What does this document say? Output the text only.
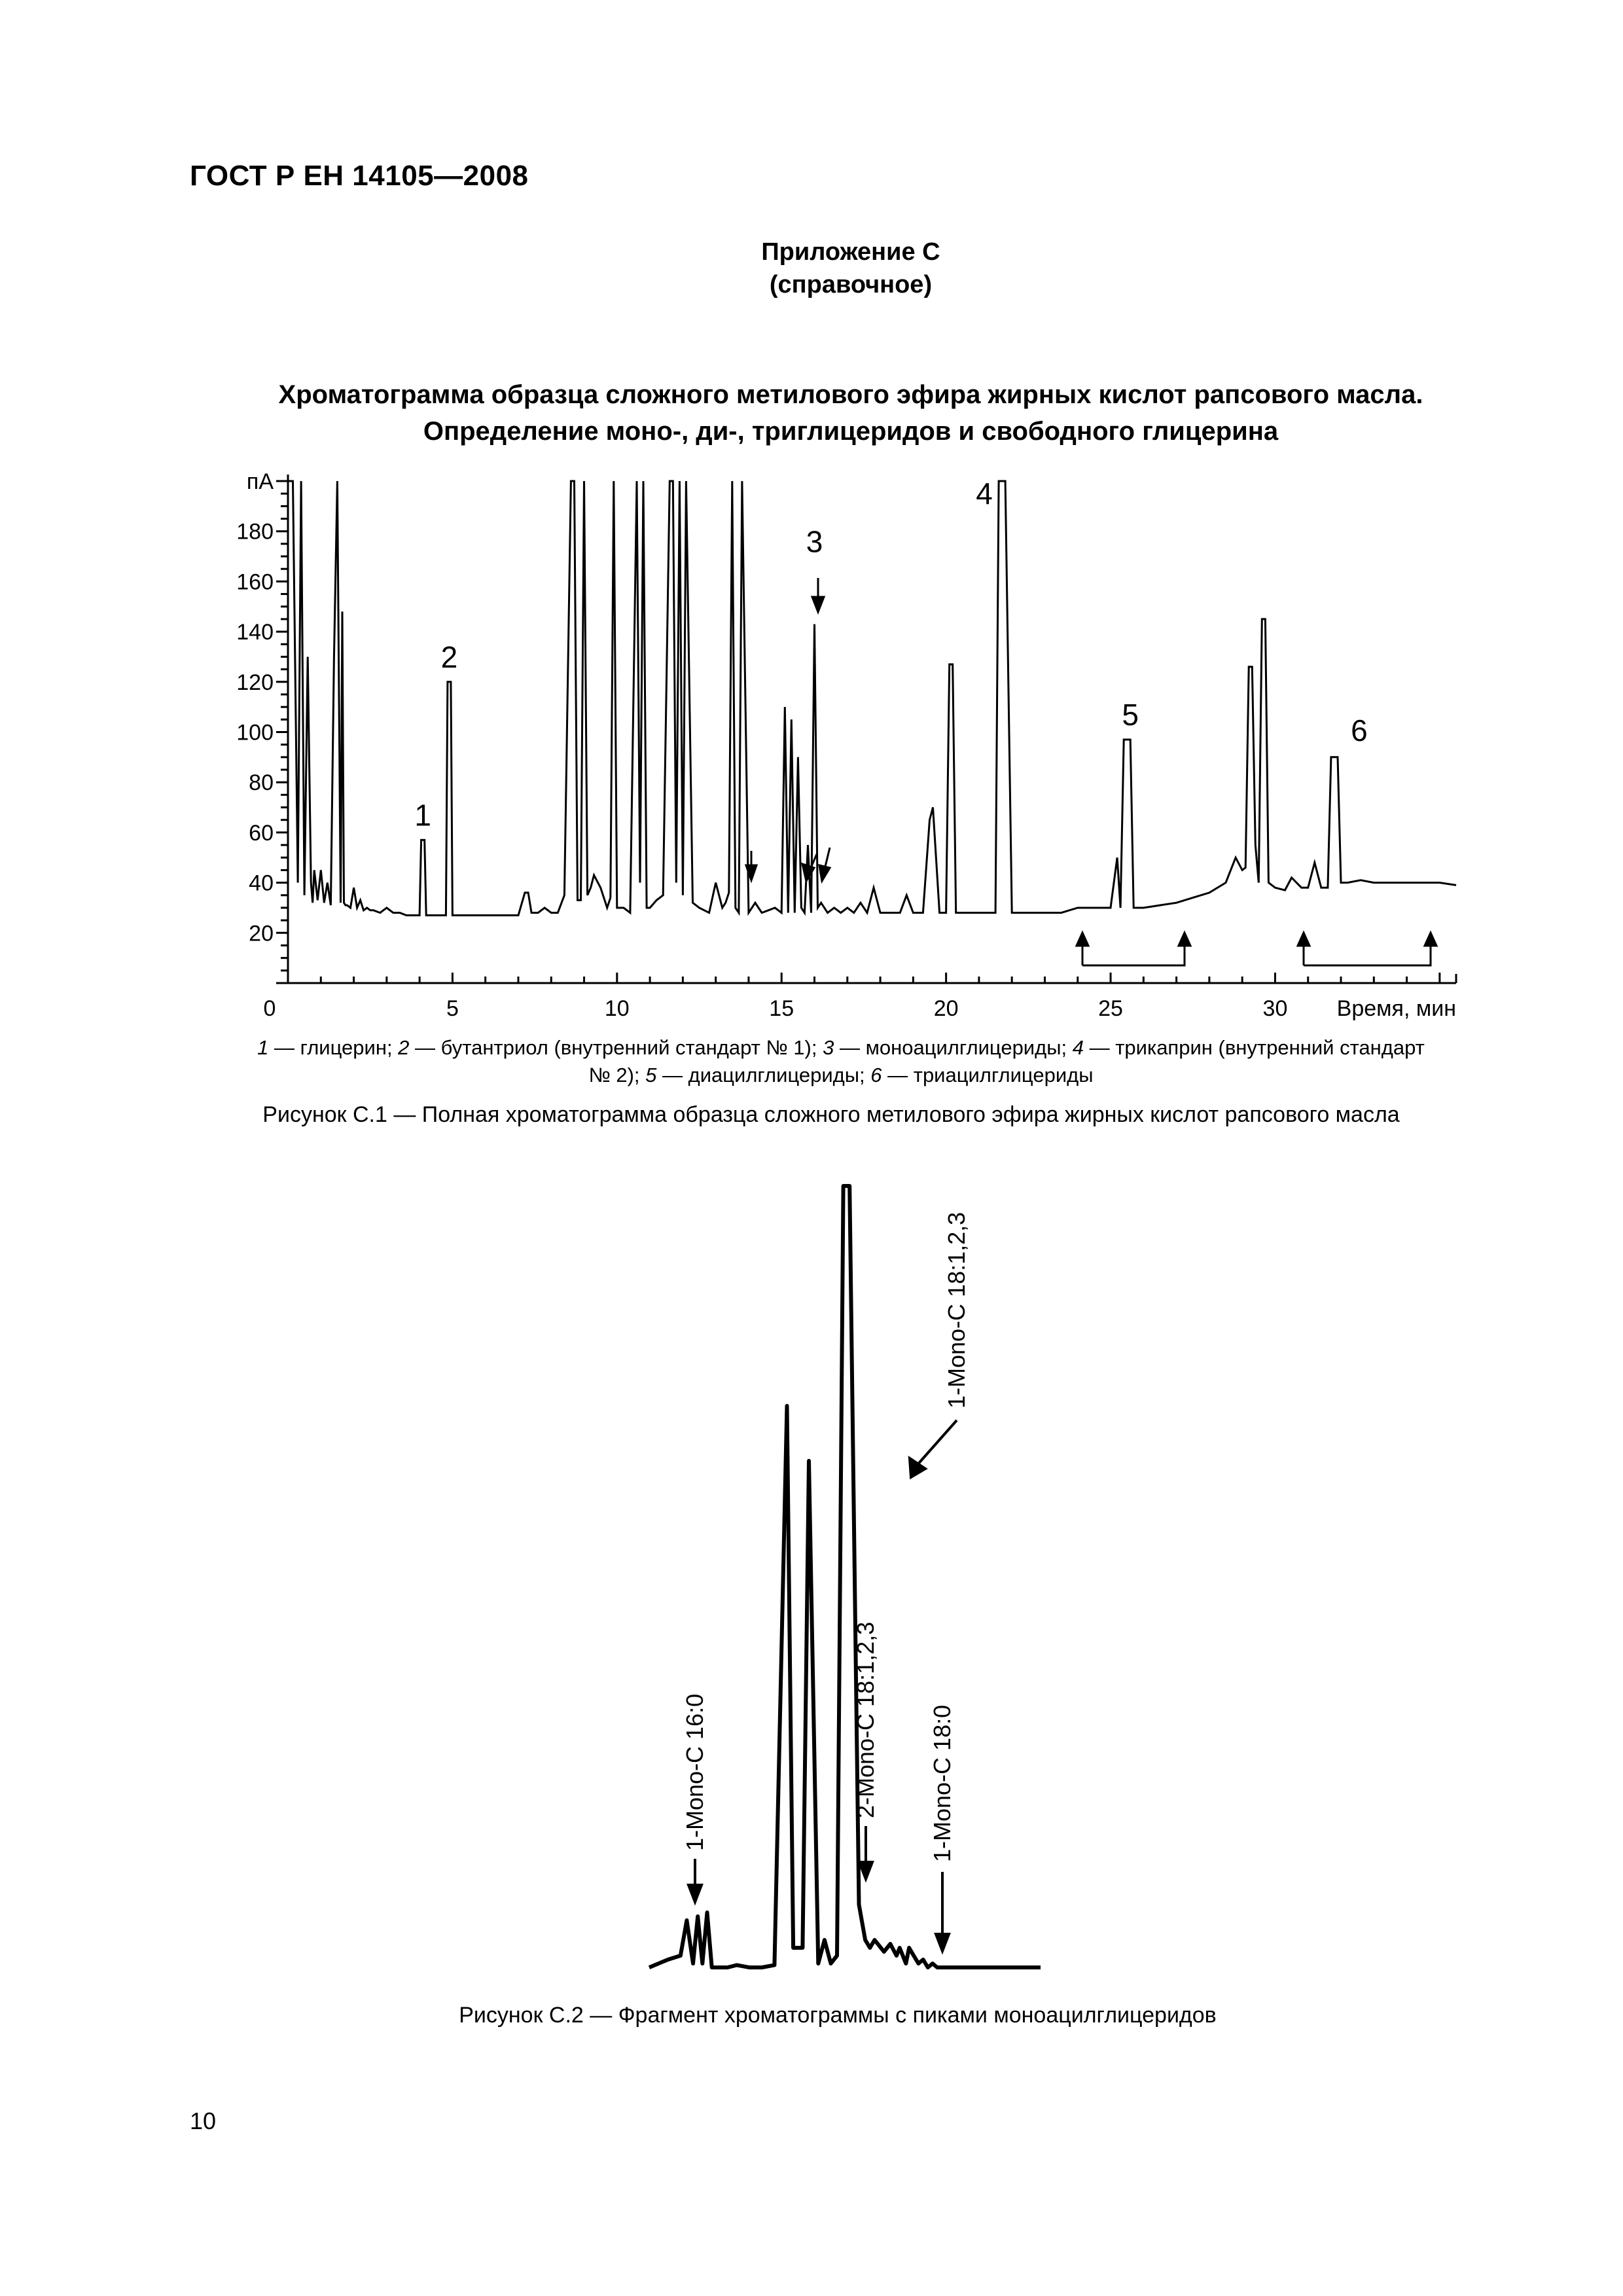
ГОСТ Р ЕН 14105—2008
Приложение С
(справочное)
Хроматограмма образца сложного метилового эфира жирных кислот рапсового масла.
Определение моно-, ди-, триглицеридов и свободного глицерина
0	5	10	15	20	25	30
20
40
60
80
100
120
140
160
180
пА
Время, мин
1
2
3
4
5	6
1 — глицерин; 2 — бутантриол (внутренний стандарт № 1); 3 — моноацилглицериды; 4 — трикаприн (внутренний стандарт
№ 2); 5 — диацилглицериды; 6 — триацилглицериды
Рисунок С.1 — Полная хроматограмма образца сложного метилового эфира жирных кислот рапсового масла
1-Mono-C 16:0	2-Mono-C 18:1,2,3
1-Mono-C 18:1,2,3
1-Mono-C 18:0
Рисунок С.2 — Фрагмент хроматограммы с пиками моноацилглицеридов
10
